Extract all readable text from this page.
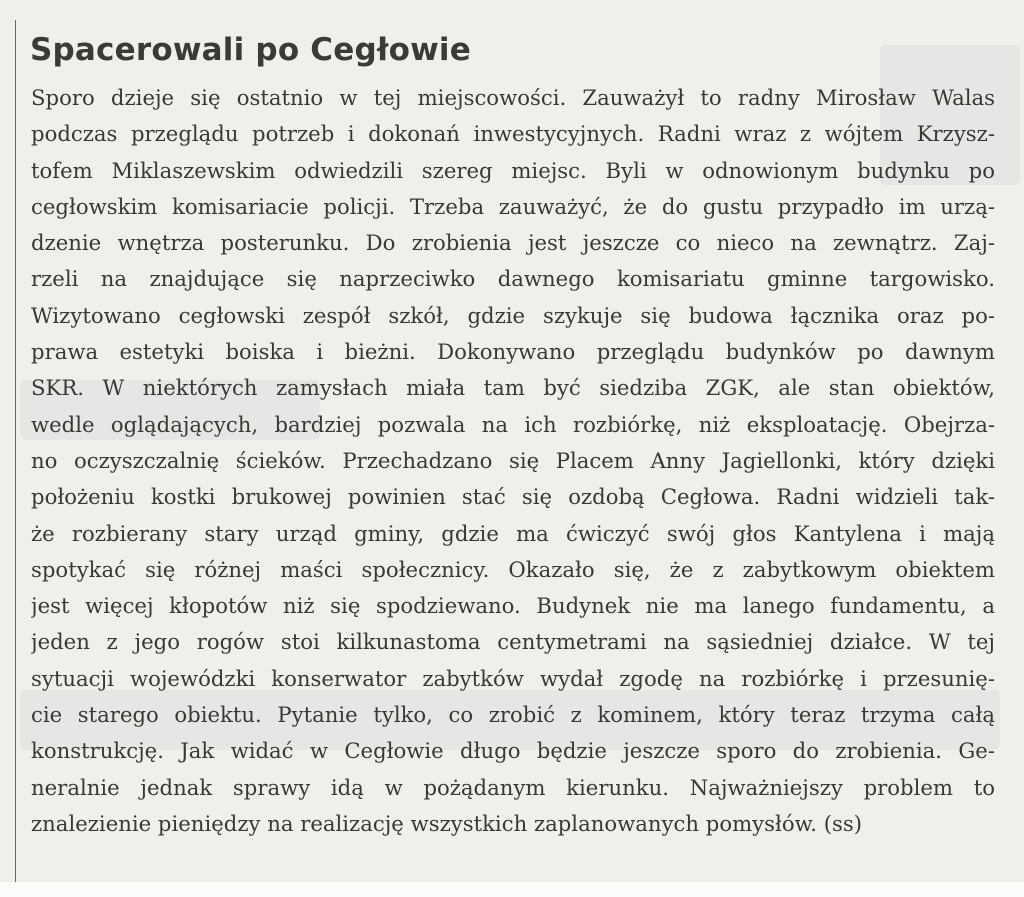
Spacerowali po Cegłowie
Sporo dzieje się ostatnio w tej miejscowości. Zauważył to radny Mirosław Walas
podczas przeglądu potrzeb i dokonań inwestycyjnych. Radni wraz z wójtem Krzysz-
tofem Miklaszewskim odwiedzili szereg miejsc. Byli w odnowionym budynku po
cegłowskim komisariacie policji. Trzeba zauważyć, że do gustu przypadło im urzą-
dzenie wnętrza posterunku. Do zrobienia jest jeszcze co nieco na zewnątrz. Zaj-
rzeli na znajdujące się naprzeciwko dawnego komisariatu gminne targowisko.
Wizytowano cegłowski zespół szkół, gdzie szykuje się budowa łącznika oraz po-
prawa estetyki boiska i bieżni. Dokonywano przeglądu budynków po dawnym
SKR. W niektórych zamysłach miała tam być siedziba ZGK, ale stan obiektów,
wedle oglądających, bardziej pozwala na ich rozbiórkę, niż eksploatację. Obejrza-
no oczyszczalnię ścieków. Przechadzano się Placem Anny Jagiellonki, który dzięki
położeniu kostki brukowej powinien stać się ozdobą Cegłowa. Radni widzieli tak-
że rozbierany stary urząd gminy, gdzie ma ćwiczyć swój głos Kantylena i mają
spotykać się różnej maści społecznicy. Okazało się, że z zabytkowym obiektem
jest więcej kłopotów niż się spodziewano. Budynek nie ma lanego fundamentu, a
jeden z jego rogów stoi kilkunastoma centymetrami na sąsiedniej działce. W tej
sytuacji wojewódzki konserwator zabytków wydał zgodę na rozbiórkę i przesunię-
cie starego obiektu. Pytanie tylko, co zrobić z kominem, który teraz trzyma całą
konstrukcję. Jak widać w Cegłowie długo będzie jeszcze sporo do zrobienia. Ge-
neralnie jednak sprawy idą w pożądanym kierunku. Najważniejszy problem to
znalezienie pieniędzy na realizację wszystkich zaplanowanych pomysłów. (ss)
